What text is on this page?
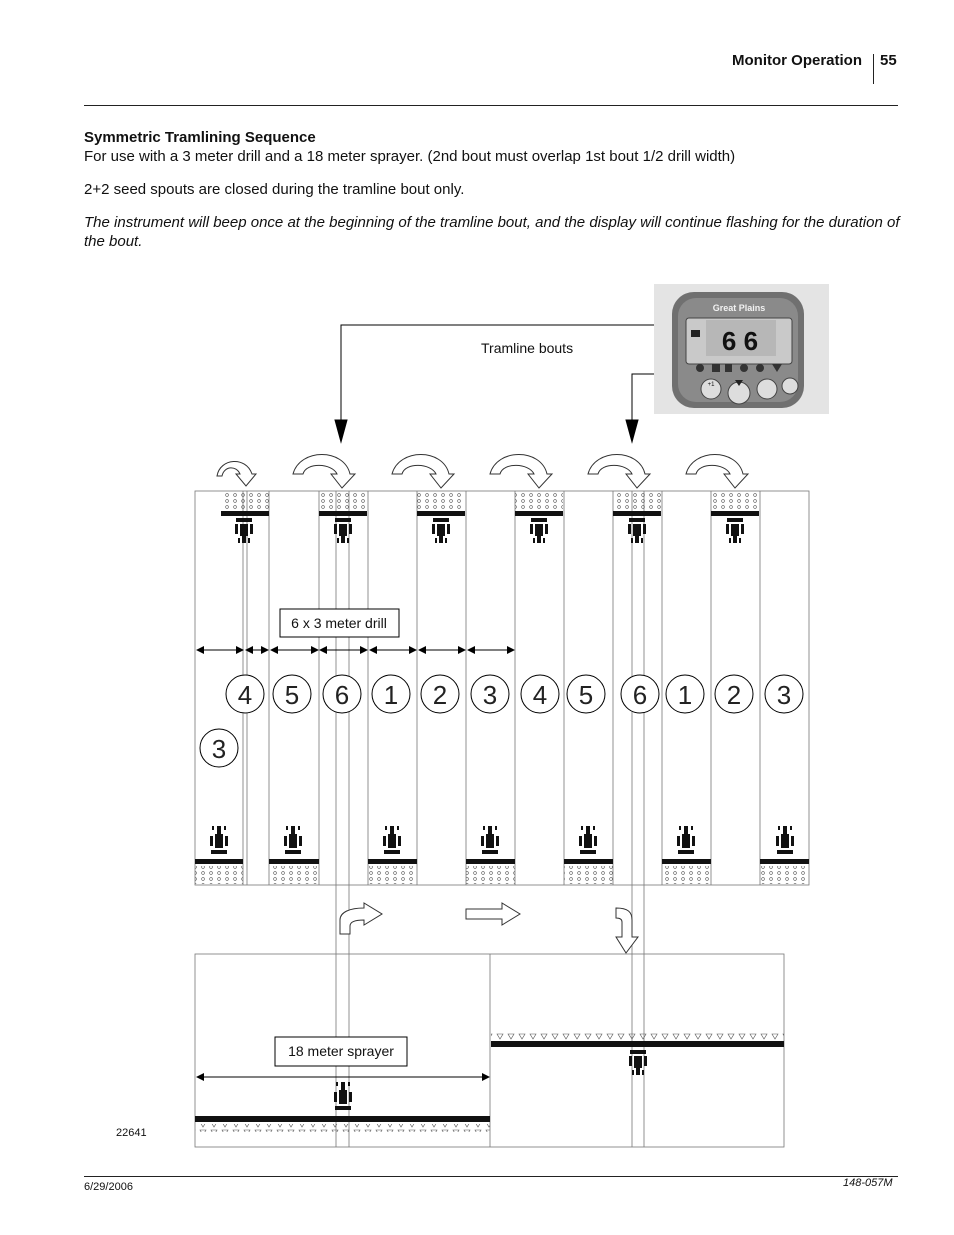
Monitor Operation 55
Symmetric Tramlining Sequence
For use with a 3 meter drill and a 18 meter sprayer. (2nd bout must overlap 1st bout 1/2 drill width)
2+2 seed spouts are closed during the tramline bout only.
The instrument will beep once at the beginning of the tramline bout, and the display will continue flashing for the duration of the bout.
Great Plains
6 6
+1
Tramline bouts
6 x 3 meter drill
4 5 6 1 2 3 4 5 6 1 2 3
3
18 meter sprayer
22641
6/29/2006	148-057M
